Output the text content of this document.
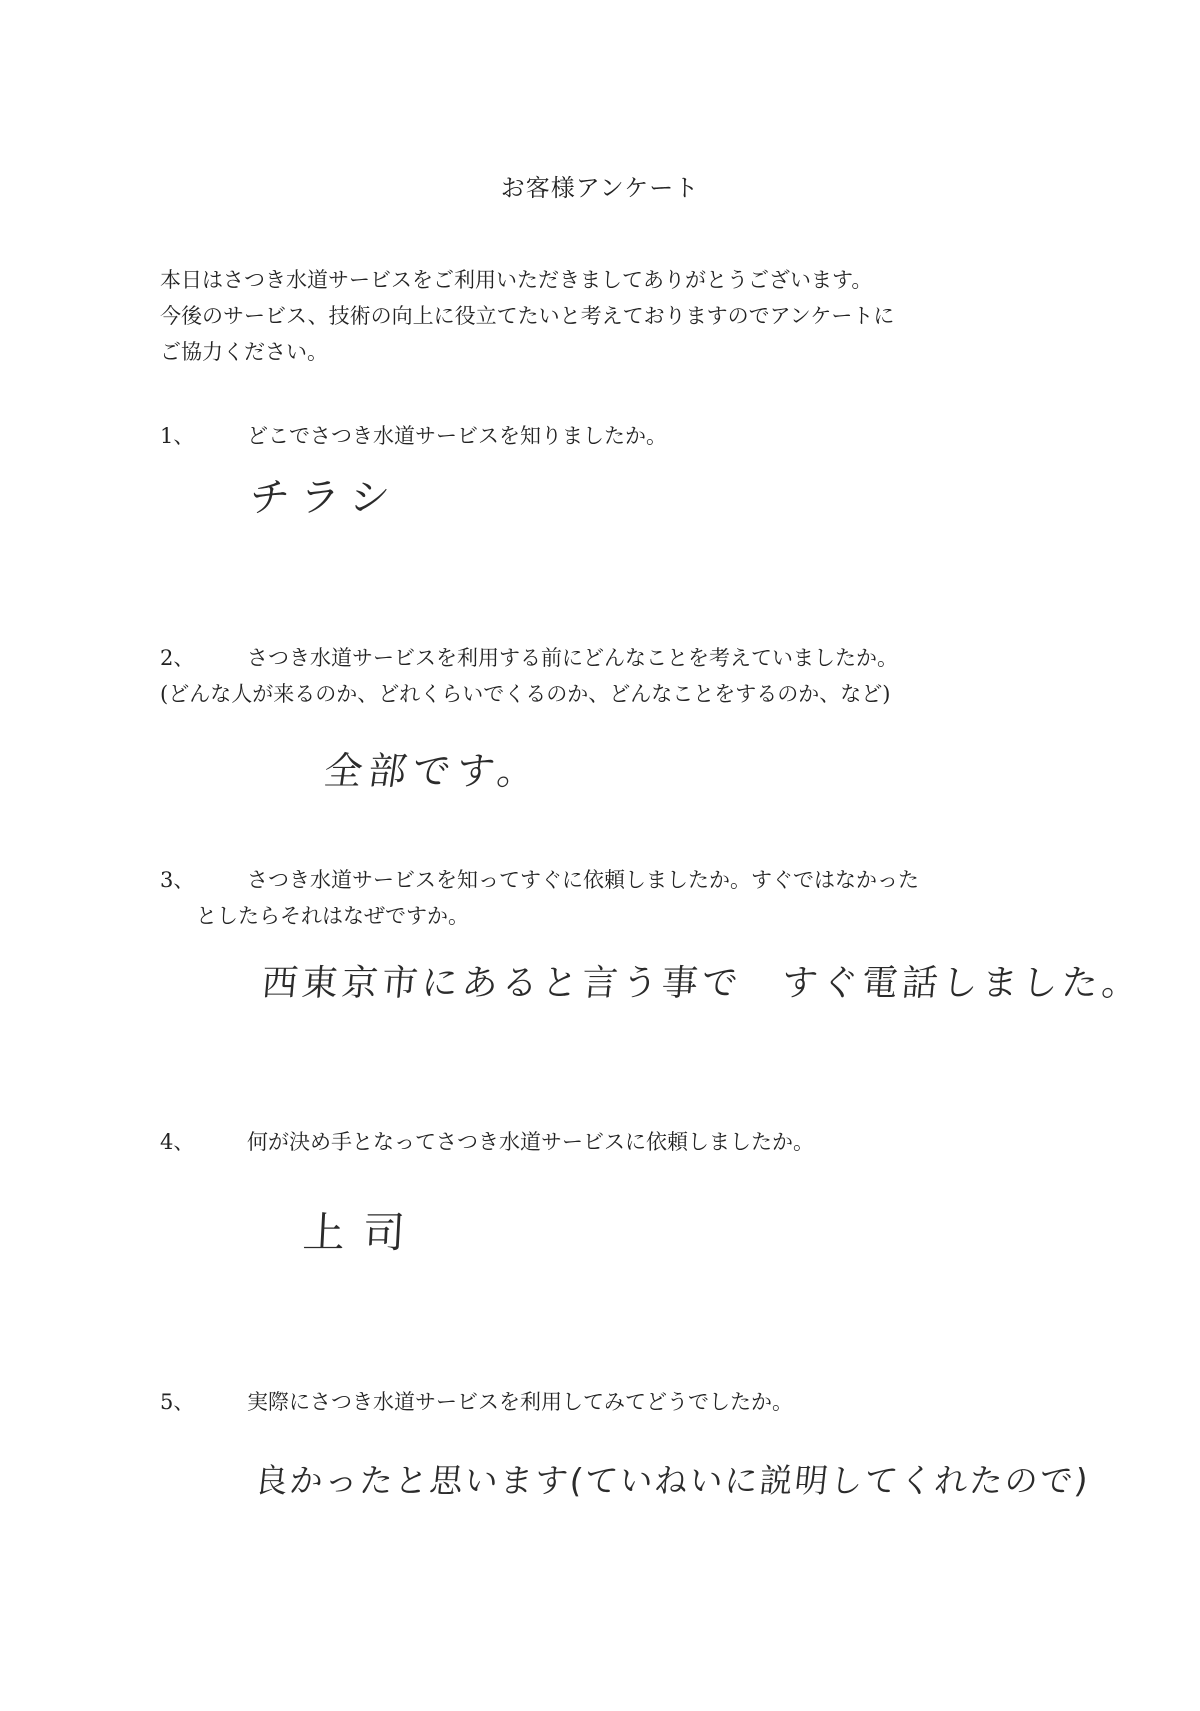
お客様アンケート
本日はさつき水道サービスをご利用いただきましてありがとうございます。
今後のサービス、技術の向上に役立てたいと考えておりますのでアンケートに
ご協力ください。
1、	どこでさつき水道サービスを知りましたか。
チラシ
2、	さつき水道サービスを利用する前にどんなことを考えていましたか。
(どんな人が来るのか、どれくらいでくるのか、どんなことをするのか、など)
全部です。
3、	さつき水道サービスを知ってすぐに依頼しましたか。すぐではなかった
としたらそれはなぜですか。
西東京市にあると言う事で　すぐ電話しました。
4、	何が決め手となってさつき水道サービスに依頼しましたか。
上司
5、	実際にさつき水道サービスを利用してみてどうでしたか。
良かったと思います(ていねいに説明してくれたので)
